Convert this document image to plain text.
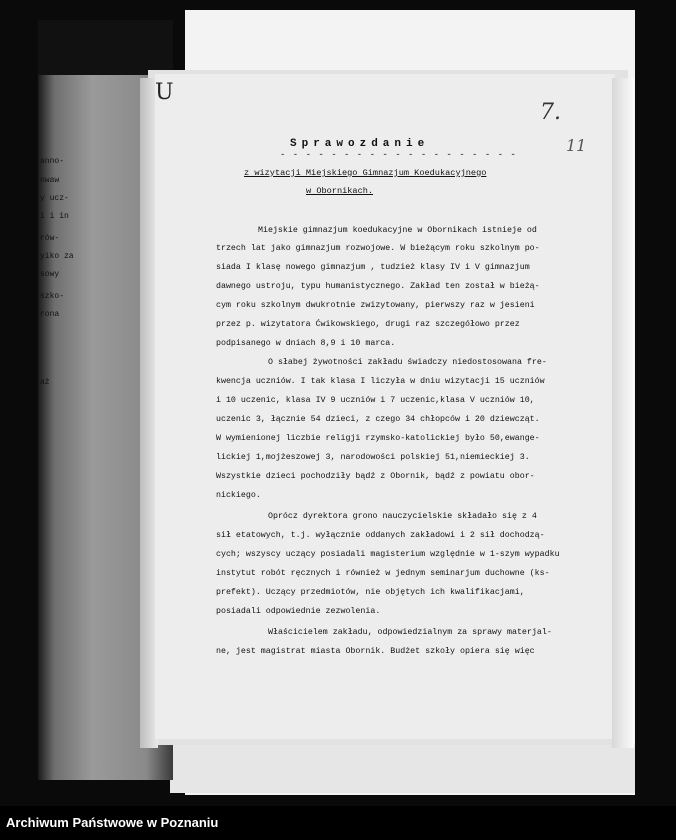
anno-
owaw
y ucz-
i i in
rów-
yiko za
sowy
szko-
rona
aż
U
7.
11
Sprawozdanie
- - - - - - - - - - - - - - - - - - -
z wizytacji Miejskiego Gimnazjum Koedukacyjnego
w Obornikach.
Miejskie gimnazjum koedukacyjne w Obornikach istnieje od
trzech lat jako gimnazjum rozwojowe. W bieżącym roku szkolnym po-
siada I klasę nowego gimnazjum , tudzież klasy IV i V gimnazjum
dawnego ustroju, typu humanistycznego. Zakład ten został w bieżą-
cym roku szkolnym dwukrotnie zwizytowany, pierwszy raz w jesieni
przez p. wizytatora Ćwikowskiego, drugi raz szczegółowo przez
podpisanego w dniach 8,9 i 10 marca.
O słabej żywotności zakładu świadczy niedostosowana fre-
kwencja uczniów. I tak klasa I liczyła w dniu wizytacji 15 uczniów
i 10 uczenic, klasa IV 9 uczniów i 7 uczenic,klasa V uczniów 10,
uczenic 3, łącznie 54 dzieci, z czego 34 chłopców i 20 dziewcząt.
W wymienionej liczbie religji rzymsko-katolickiej było 50,ewange-
lickiej 1,mojżeszowej 3, narodowości polskiej 51,niemieckiej 3.
Wszystkie dzieci pochodziły bądź z Obornik, bądź z powiatu obor-
nickiego.
Oprócz dyrektora grono nauczycielskie składało się z 4
sił etatowych, t.j. wyłącznie oddanych zakładowi i 2 sił dochodzą-
cych; wszyscy uczący posiadali magisterium względnie w 1-szym wypadku
instytut robót ręcznych i również w jednym seminarjum duchowne (ks-
prefekt). Uczący przedmiotów, nie objętych ich kwalifikacjami,
posiadali odpowiednie zezwolenia.
Właścicielem zakładu, odpowiedzialnym za sprawy materjal-
ne, jest magistrat miasta Obornik. Budżet szkoły opiera się więc
Archiwum Państwowe w Poznaniu
